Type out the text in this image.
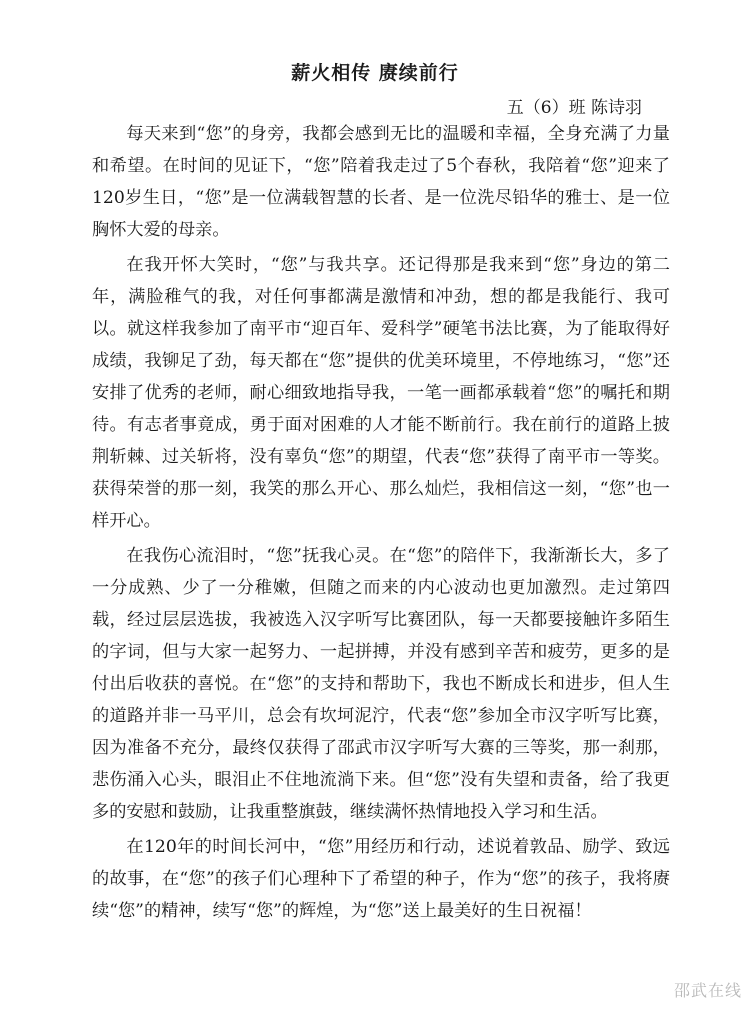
薪火相传 赓续前行

五（6）班 陈诗羽

每天来到“您”的身旁，我都会感到无比的温暖和幸福，全身充满了力量和希望。在时间的见证下，“您”陪着我走过了5个春秋，我陪着“您”迎来了120岁生日，“您”是一位满载智慧的长者、是一位洗尽铅华的雅士、是一位胸怀大爱的母亲。

在我开怀大笑时，“您”与我共享。还记得那是我来到“您”身边的第二年，满脸稚气的我，对任何事都满是激情和冲劲，想的都是我能行、我可以。就这样我参加了南平市“迎百年、爱科学”硬笔书法比赛，为了能取得好成绩，我铆足了劲，每天都在“您”提供的优美环境里，不停地练习，“您”还安排了优秀的老师，耐心细致地指导我，一笔一画都承载着“您”的嘱托和期待。有志者事竟成，勇于面对困难的人才能不断前行。我在前行的道路上披荆斩棘、过关斩将，没有辜负“您”的期望，代表“您”获得了南平市一等奖。获得荣誉的那一刻，我笑的那么开心、那么灿烂，我相信这一刻，“您”也一样开心。

在我伤心流泪时，“您”抚我心灵。在“您”的陪伴下，我渐渐长大，多了一分成熟、少了一分稚嫩，但随之而来的内心波动也更加激烈。走过第四载，经过层层选拔，我被选入汉字听写比赛团队，每一天都要接触许多陌生的字词，但与大家一起努力、一起拼搏，并没有感到辛苦和疲劳，更多的是付出后收获的喜悦。在“您”的支持和帮助下，我也不断成长和进步，但人生的道路并非一马平川，总会有坎坷泥泞，代表“您”参加全市汉字听写比赛，因为准备不充分，最终仅获得了邵武市汉字听写大赛的三等奖，那一刹那，悲伤涌入心头，眼泪止不住地流淌下来。但“您”没有失望和责备，给了我更多的安慰和鼓励，让我重整旗鼓，继续满怀热情地投入学习和生活。

在120年的时间长河中，“您”用经历和行动，述说着敦品、励学、致远的故事，在“您”的孩子们心理种下了希望的种子，作为“您”的孩子，我将赓续“您”的精神，续写“您”的辉煌，为“您”送上最美好的生日祝福！

邵武在线
